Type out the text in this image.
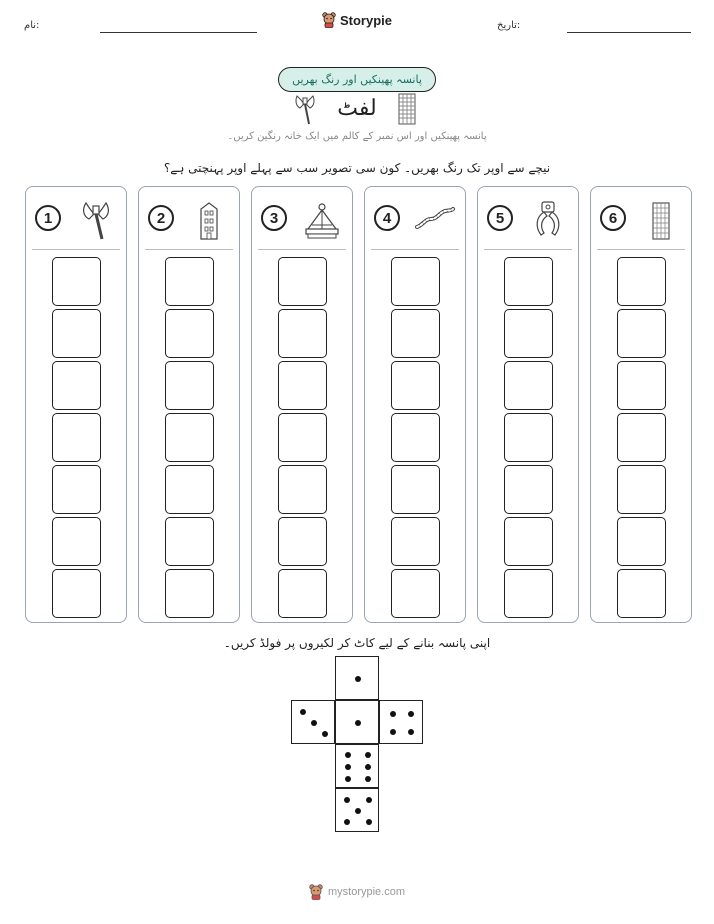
نام:	Storypie	تاریخ:
پانسہ پھینکیں اور رنگ بھریں
لفٹ
پانسہ پھینکیں اور اس نمبر کے کالم میں ایک خانہ رنگین کریں۔
نیچے سے اوپر تک رنگ بھریں۔ کون سی تصویر سب سے پہلے اوپر پہنچتی ہے؟
1	2	3	4	5	6
اپنی پانسہ بنانے کے لیے کاٹ کر لکیروں پر فولڈ کریں۔
mystorypie.com
